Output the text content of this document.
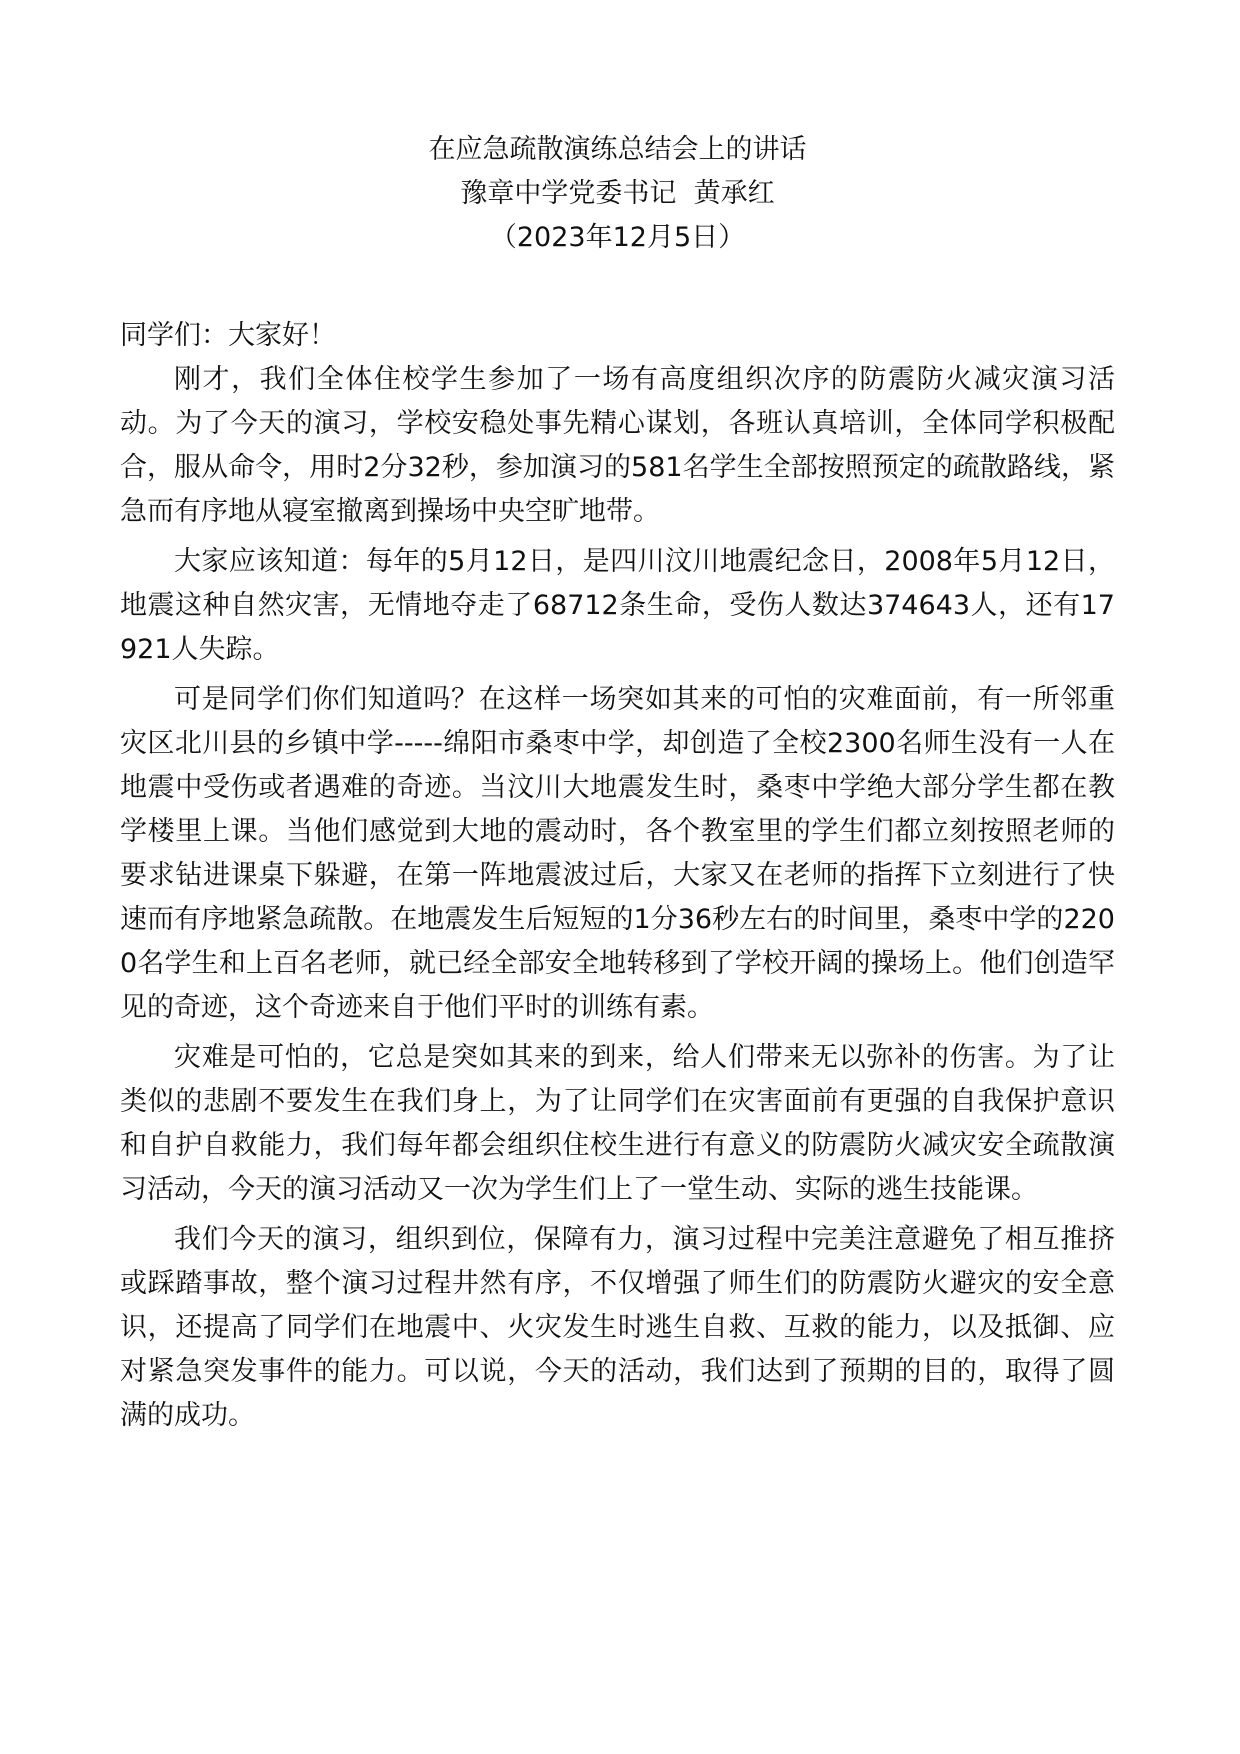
在应急疏散演练总结会上的讲话
豫章中学党委书记  黄承红
（2023年12月5日）

同学们：大家好！

刚才，我们全体住校学生参加了一场有高度组织次序的防震防火减灾演习活动。为了今天的演习，学校安稳处事先精心谋划，各班认真培训，全体同学积极配合，服从命令，用时2分32秒，参加演习的581名学生全部按照预定的疏散路线，紧急而有序地从寝室撤离到操场中央空旷地带。

大家应该知道：每年的5月12日，是四川汶川地震纪念日，2008年5月12日，地震这种自然灾害，无情地夺走了68712条生命，受伤人数达374643人，还有17921人失踪。

可是同学们你们知道吗？在这样一场突如其来的可怕的灾难面前，有一所邻重灾区北川县的乡镇中学-----绵阳市桑枣中学，却创造了全校2300名师生没有一人在地震中受伤或者遇难的奇迹。当汶川大地震发生时，桑枣中学绝大部分学生都在教学楼里上课。当他们感觉到大地的震动时，各个教室里的学生们都立刻按照老师的要求钻进课桌下躲避，在第一阵地震波过后，大家又在老师的指挥下立刻进行了快速而有序地紧急疏散。在地震发生后短短的1分36秒左右的时间里，桑枣中学的2200名学生和上百名老师，就已经全部安全地转移到了学校开阔的操场上。他们创造罕见的奇迹，这个奇迹来自于他们平时的训练有素。

灾难是可怕的，它总是突如其来的到来，给人们带来无以弥补的伤害。为了让类似的悲剧不要发生在我们身上，为了让同学们在灾害面前有更强的自我保护意识和自护自救能力，我们每年都会组织住校生进行有意义的防震防火减灾安全疏散演习活动，今天的演习活动又一次为学生们上了一堂生动、实际的逃生技能课。

我们今天的演习，组织到位，保障有力，演习过程中完美注意避免了相互推挤或踩踏事故，整个演习过程井然有序，不仅增强了师生们的防震防火避灾的安全意识，还提高了同学们在地震中、火灾发生时逃生自救、互救的能力，以及抵御、应对紧急突发事件的能力。可以说，今天的活动，我们达到了预期的目的，取得了圆满的成功。
